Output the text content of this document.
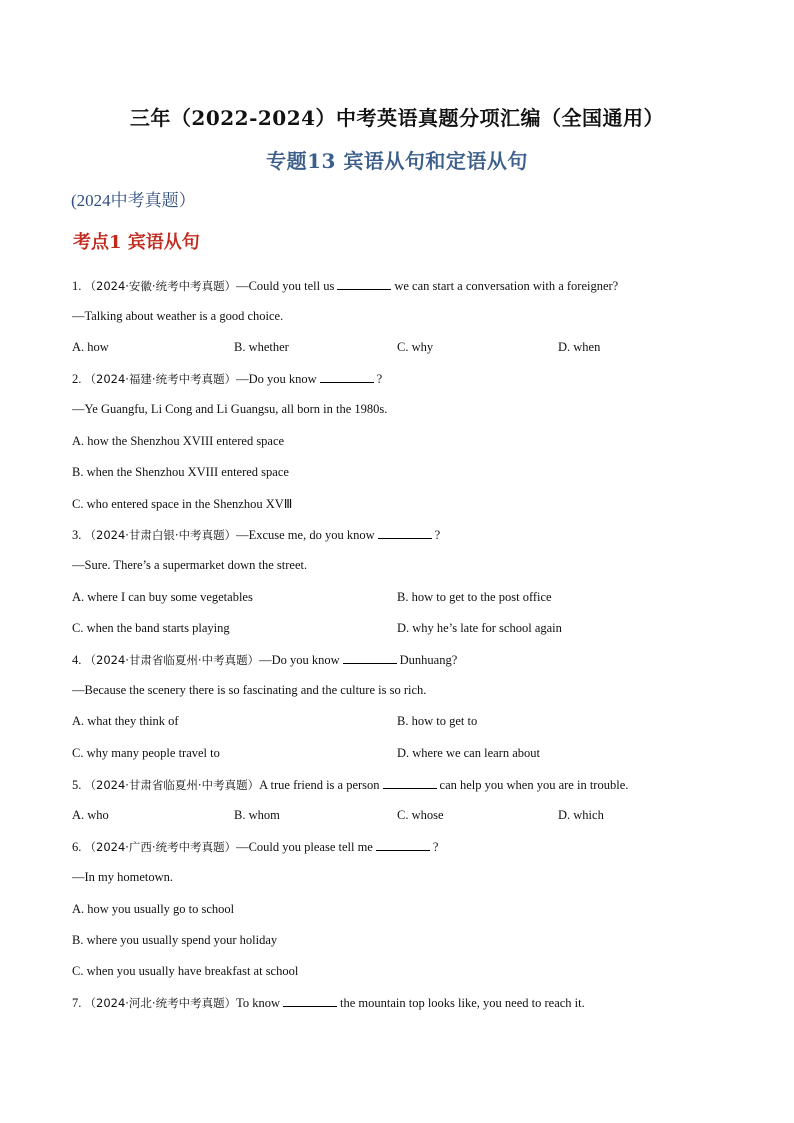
三年（2022-2024）中考英语真题分项汇编（全国通用）
专题13 宾语从句和定语从句
(2024中考真题）
考点1 宾语从句
1. （2024·安徽·统考中考真题）—Could you tell us	we can start a conversation with a foreigner?
—Talking about weather is a good choice.
A. how	B. whether	C. why	D. when
2. （2024·福建·统考中考真题）—Do you know	?
—Ye Guangfu, Li Cong and Li Guangsu, all born in the 1980s.
A. how the Shenzhou XVIII entered space
B. when the Shenzhou XVIII entered space
C. who entered space in the Shenzhou XVⅢ
3. （2024·甘肃白银·中考真题）—Excuse me, do you know	?
—Sure. There’s a supermarket down the street.
A. where I can buy some vegetables	B. how to get to the post office
C. when the band starts playing	D. why he’s late for school again
4. （2024·甘肃省临夏州·中考真题）—Do you know	Dunhuang?
—Because the scenery there is so fascinating and the culture is so rich.
A. what they think of	B. how to get to
C. why many people travel to	D. where we can learn about
5. （2024·甘肃省临夏州·中考真题）A true friend is a person	can help you when you are in trouble.
A. who	B. whom	C. whose	D. which
6. （2024·广西·统考中考真题）—Could you please tell me	?
—In my hometown.
A. how you usually go to school
B. where you usually spend your holiday
C. when you usually have breakfast at school
7. （2024·河北·统考中考真题）To know	the mountain top looks like, you need to reach it.
